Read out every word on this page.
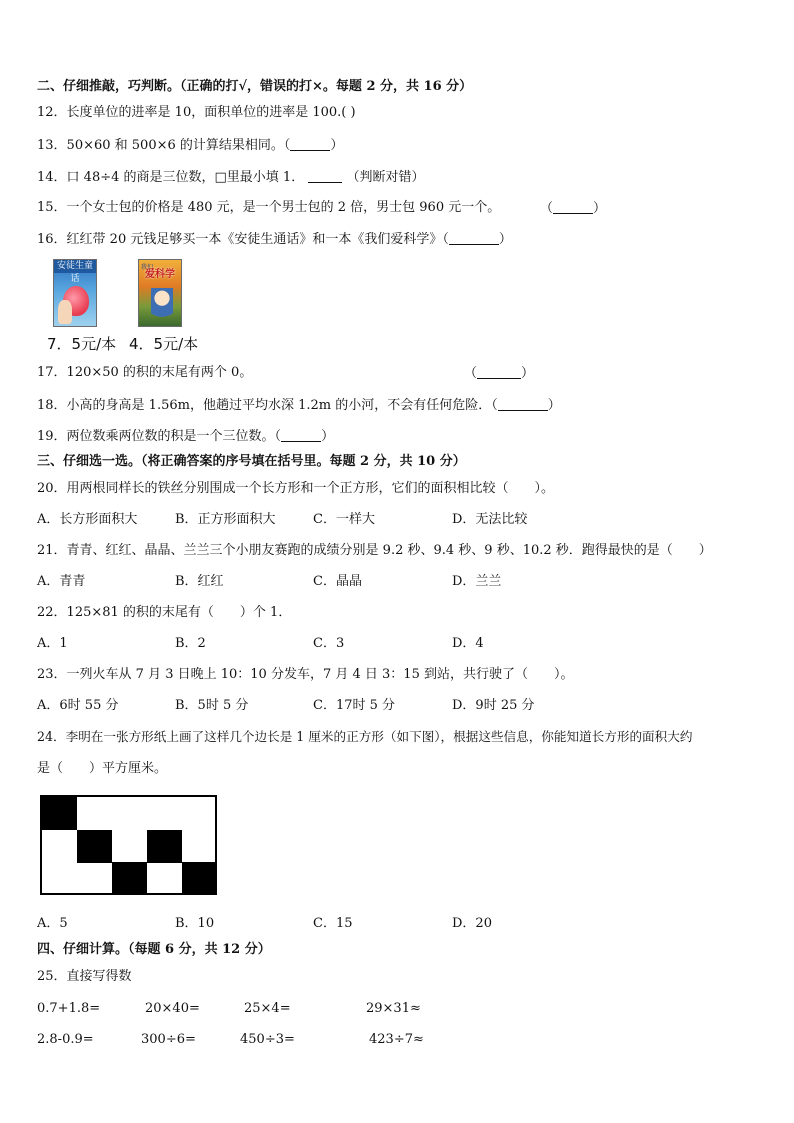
二、仔细推敲，巧判断。（正确的打√，错误的打×。每题 2 分，共 16 分）
12．长度单位的进率是 10，面积单位的进率是 100.( )
13．50×60 和 500×6 的计算结果相同。（	）
14．口 48÷4 的商是三位数，□里最小填 1．	（判断对错）
15．一个女士包的价格是 480 元，是一个男士包的 2 倍，男士包 960 元一个。	（	）
16．红红带 20 元钱足够买一本《安徒生通话》和一本《我们爱科学》（	）
安徒生童话
我们
爱科学
7．5元/本 4．5元/本
17．120×50 的积的末尾有两个 0。	（	）
18．小高的身高是 1.56m，他趟过平均水深 1.2m 的小河，不会有任何危险．（	）
19．两位数乘两位数的积是一个三位数。（	）
三、仔细选一选。（将正确答案的序号填在括号里。每题 2 分，共 10 分）
20．用两根同样长的铁丝分别围成一个长方形和一个正方形，它们的面积相比较（　　）。
A．长方形面积大	B．正方形面积大	C．一样大	D．无法比较
21．青青、红红、晶晶、兰兰三个小朋友赛跑的成绩分别是 9.2 秒、9.4 秒、9 秒、10.2 秒．跑得最快的是（　　）
A．青青	B．红红	C．晶晶	D．兰兰
22．125×81 的积的末尾有（　　）个 1．
A．1	B．2	C．3	D．4
23．一列火车从 7 月 3 日晚上 10：10 分发车，7 月 4 日 3：15 到站，共行驶了（　　）。
A．6时 55 分	B．5时 5 分	C．17时 5 分	D．9时 25 分
24．李明在一张方形纸上画了这样几个边长是 1 厘米的正方形（如下图），根据这些信息，你能知道长方形的面积大约
是（　　）平方厘米。
A．5	B．10	C．15	D．20
四、仔细计算。（每题 6 分，共 12 分）
25．直接写得数
0.7+1.8=	20×40=	25×4=	29×31≈
2.8-0.9=	300÷6=	450÷3=	423÷7≈
